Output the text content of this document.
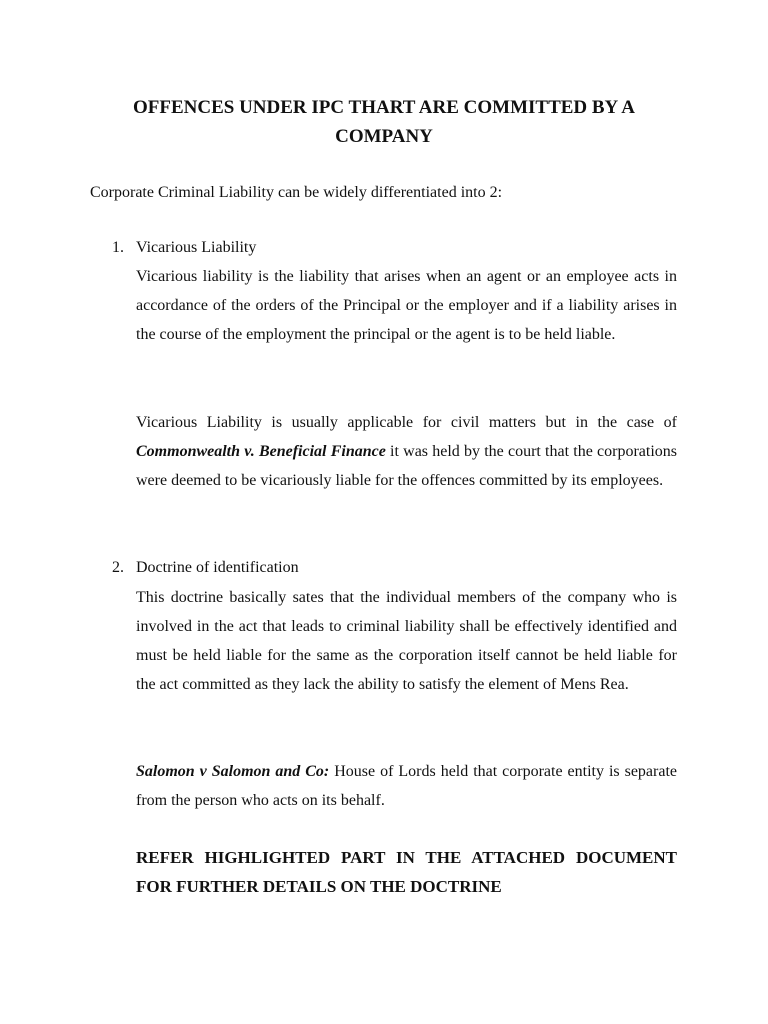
OFFENCES UNDER IPC THART ARE COMMITTED BY A
COMPANY

Corporate Criminal Liability can be widely differentiated into 2:

1. Vicarious Liability

Vicarious liability is the liability that arises when an agent or an employee acts in accordance of the orders of the Principal or the employer and if a liability arises in the course of the employment the principal or the agent is to be held liable.

Vicarious Liability is usually applicable for civil matters but in the case of Commonwealth v. Beneficial Finance it was held by the court that the corporations were deemed to be vicariously liable for the offences committed by its employees.

2. Doctrine of identification

This doctrine basically sates that the individual members of the company who is involved in the act that leads to criminal liability shall be effectively identified and must be held liable for the same as the corporation itself cannot be held liable for the act committed as they lack the ability to satisfy the element of Mens Rea.

Salomon v Salomon and Co: House of Lords held that corporate entity is separate from the person who acts on its behalf.

REFER HIGHLIGHTED PART IN THE ATTACHED DOCUMENT FOR FURTHER DETAILS ON THE DOCTRINE
